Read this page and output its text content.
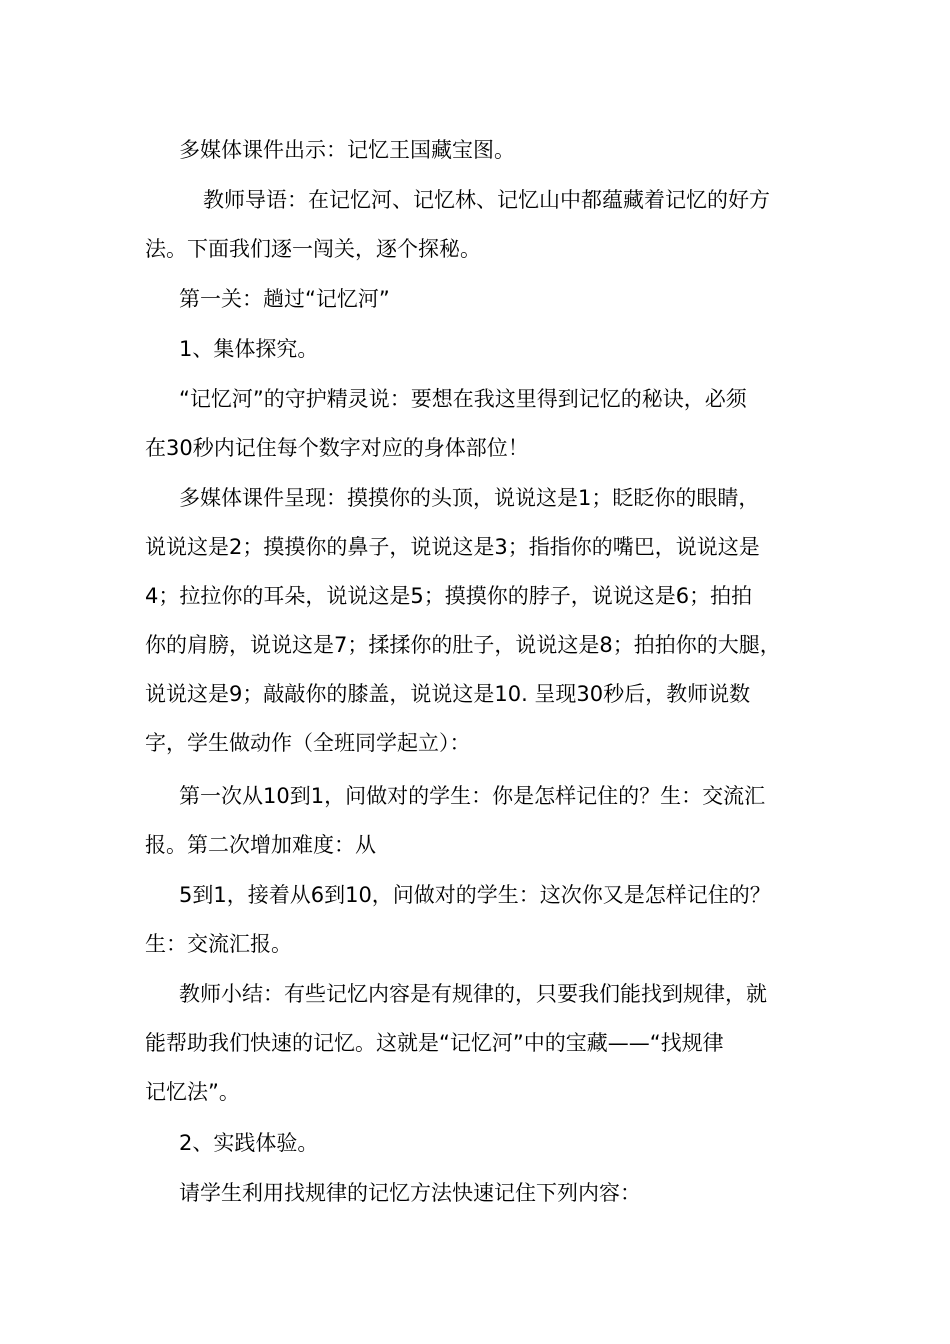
多媒体课件出示：记忆王国藏宝图。

教师导语：在记忆河、记忆林、记忆山中都蕴藏着记忆的好方
法。下面我们逐一闯关，逐个探秘。

第一关：趟过“记忆河”

1、集体探究。

“记忆河”的守护精灵说：要想在我这里得到记忆的秘诀，必须
在30秒内记住每个数字对应的身体部位！

多媒体课件呈现：摸摸你的头顶，说说这是1；眨眨你的眼睛，
说说这是2；摸摸你的鼻子，说说这是3；指指你的嘴巴，说说这是
4；拉拉你的耳朵，说说这是5；摸摸你的脖子，说说这是6；拍拍
你的肩膀，说说这是7；揉揉你的肚子，说说这是8；拍拍你的大腿，
说说这是9；敲敲你的膝盖，说说这是10. 呈现30秒后，教师说数
字，学生做动作（全班同学起立）：

第一次从10到1，问做对的学生：你是怎样记住的？生：交流汇
报。第二次增加难度：从

5到1，接着从6到10，问做对的学生：这次你又是怎样记住的？
生：交流汇报。

教师小结：有些记忆内容是有规律的，只要我们能找到规律，就
能帮助我们快速的记忆。这就是“记忆河”中的宝藏——“找规律
记忆法”。

2、实践体验。

请学生利用找规律的记忆方法快速记住下列内容：
